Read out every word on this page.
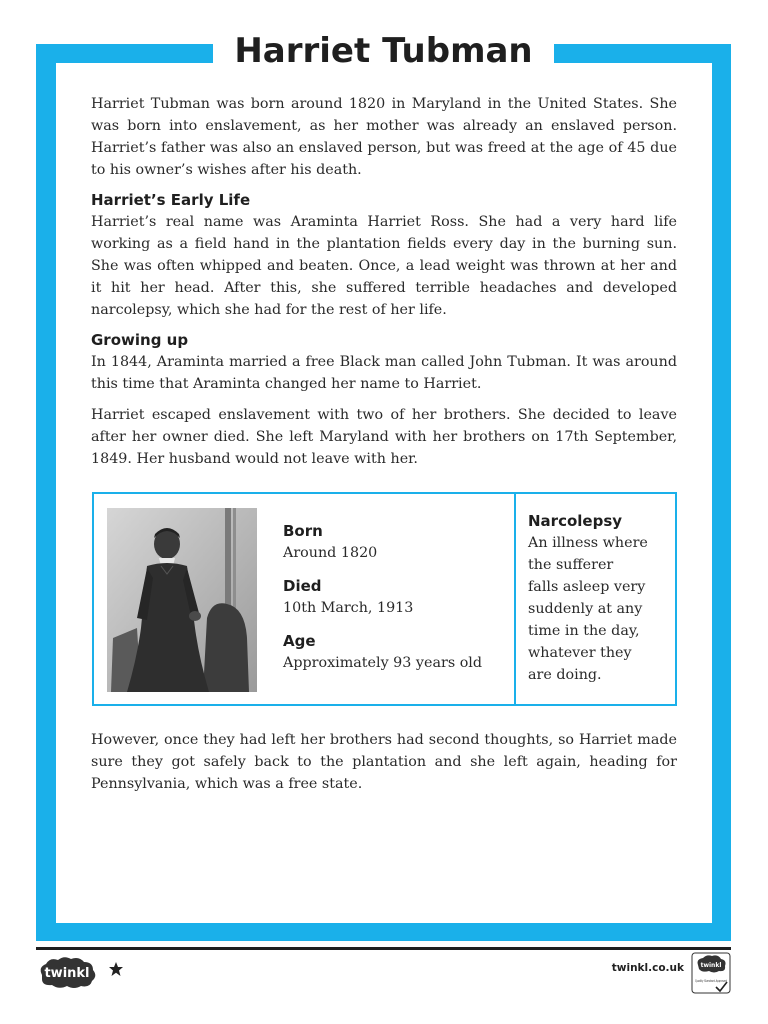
Harriet Tubman

Harriet Tubman was born around 1820 in Maryland in the United States. She was born into enslavement, as her mother was already an enslaved person. Harriet’s father was also an enslaved person, but was freed at the age of 45 due to his owner’s wishes after his death.

Harriet’s Early Life

Harriet’s real name was Araminta Harriet Ross. She had a very hard life working as a field hand in the plantation fields every day in the burning sun. She was often whipped and beaten. Once, a lead weight was thrown at her and it hit her head. After this, she suffered terrible headaches and developed narcolepsy, which she had for the rest of her life.

Growing up

In 1844, Araminta married a free Black man called John Tubman. It was around this time that Araminta changed her name to Harriet.

Harriet escaped enslavement with two of her brothers. She decided to leave after her owner died. She left Maryland with her brothers on 17th September, 1849. Her husband would not leave with her.

Born
Around 1820
Died
10th March, 1913
Age
Approximately 93 years old
Narcolepsy
An illness where
the sufferer
falls asleep very
suddenly at any
time in the day,
whatever they
are doing.

However, once they had left her brothers had second thoughts, so Harriet made sure they got safely back to the plantation and she left again, heading for Pennsylvania, which was a free state.

twinkl	twinkl.co.uk	twinkl
Quality Standard Approved
